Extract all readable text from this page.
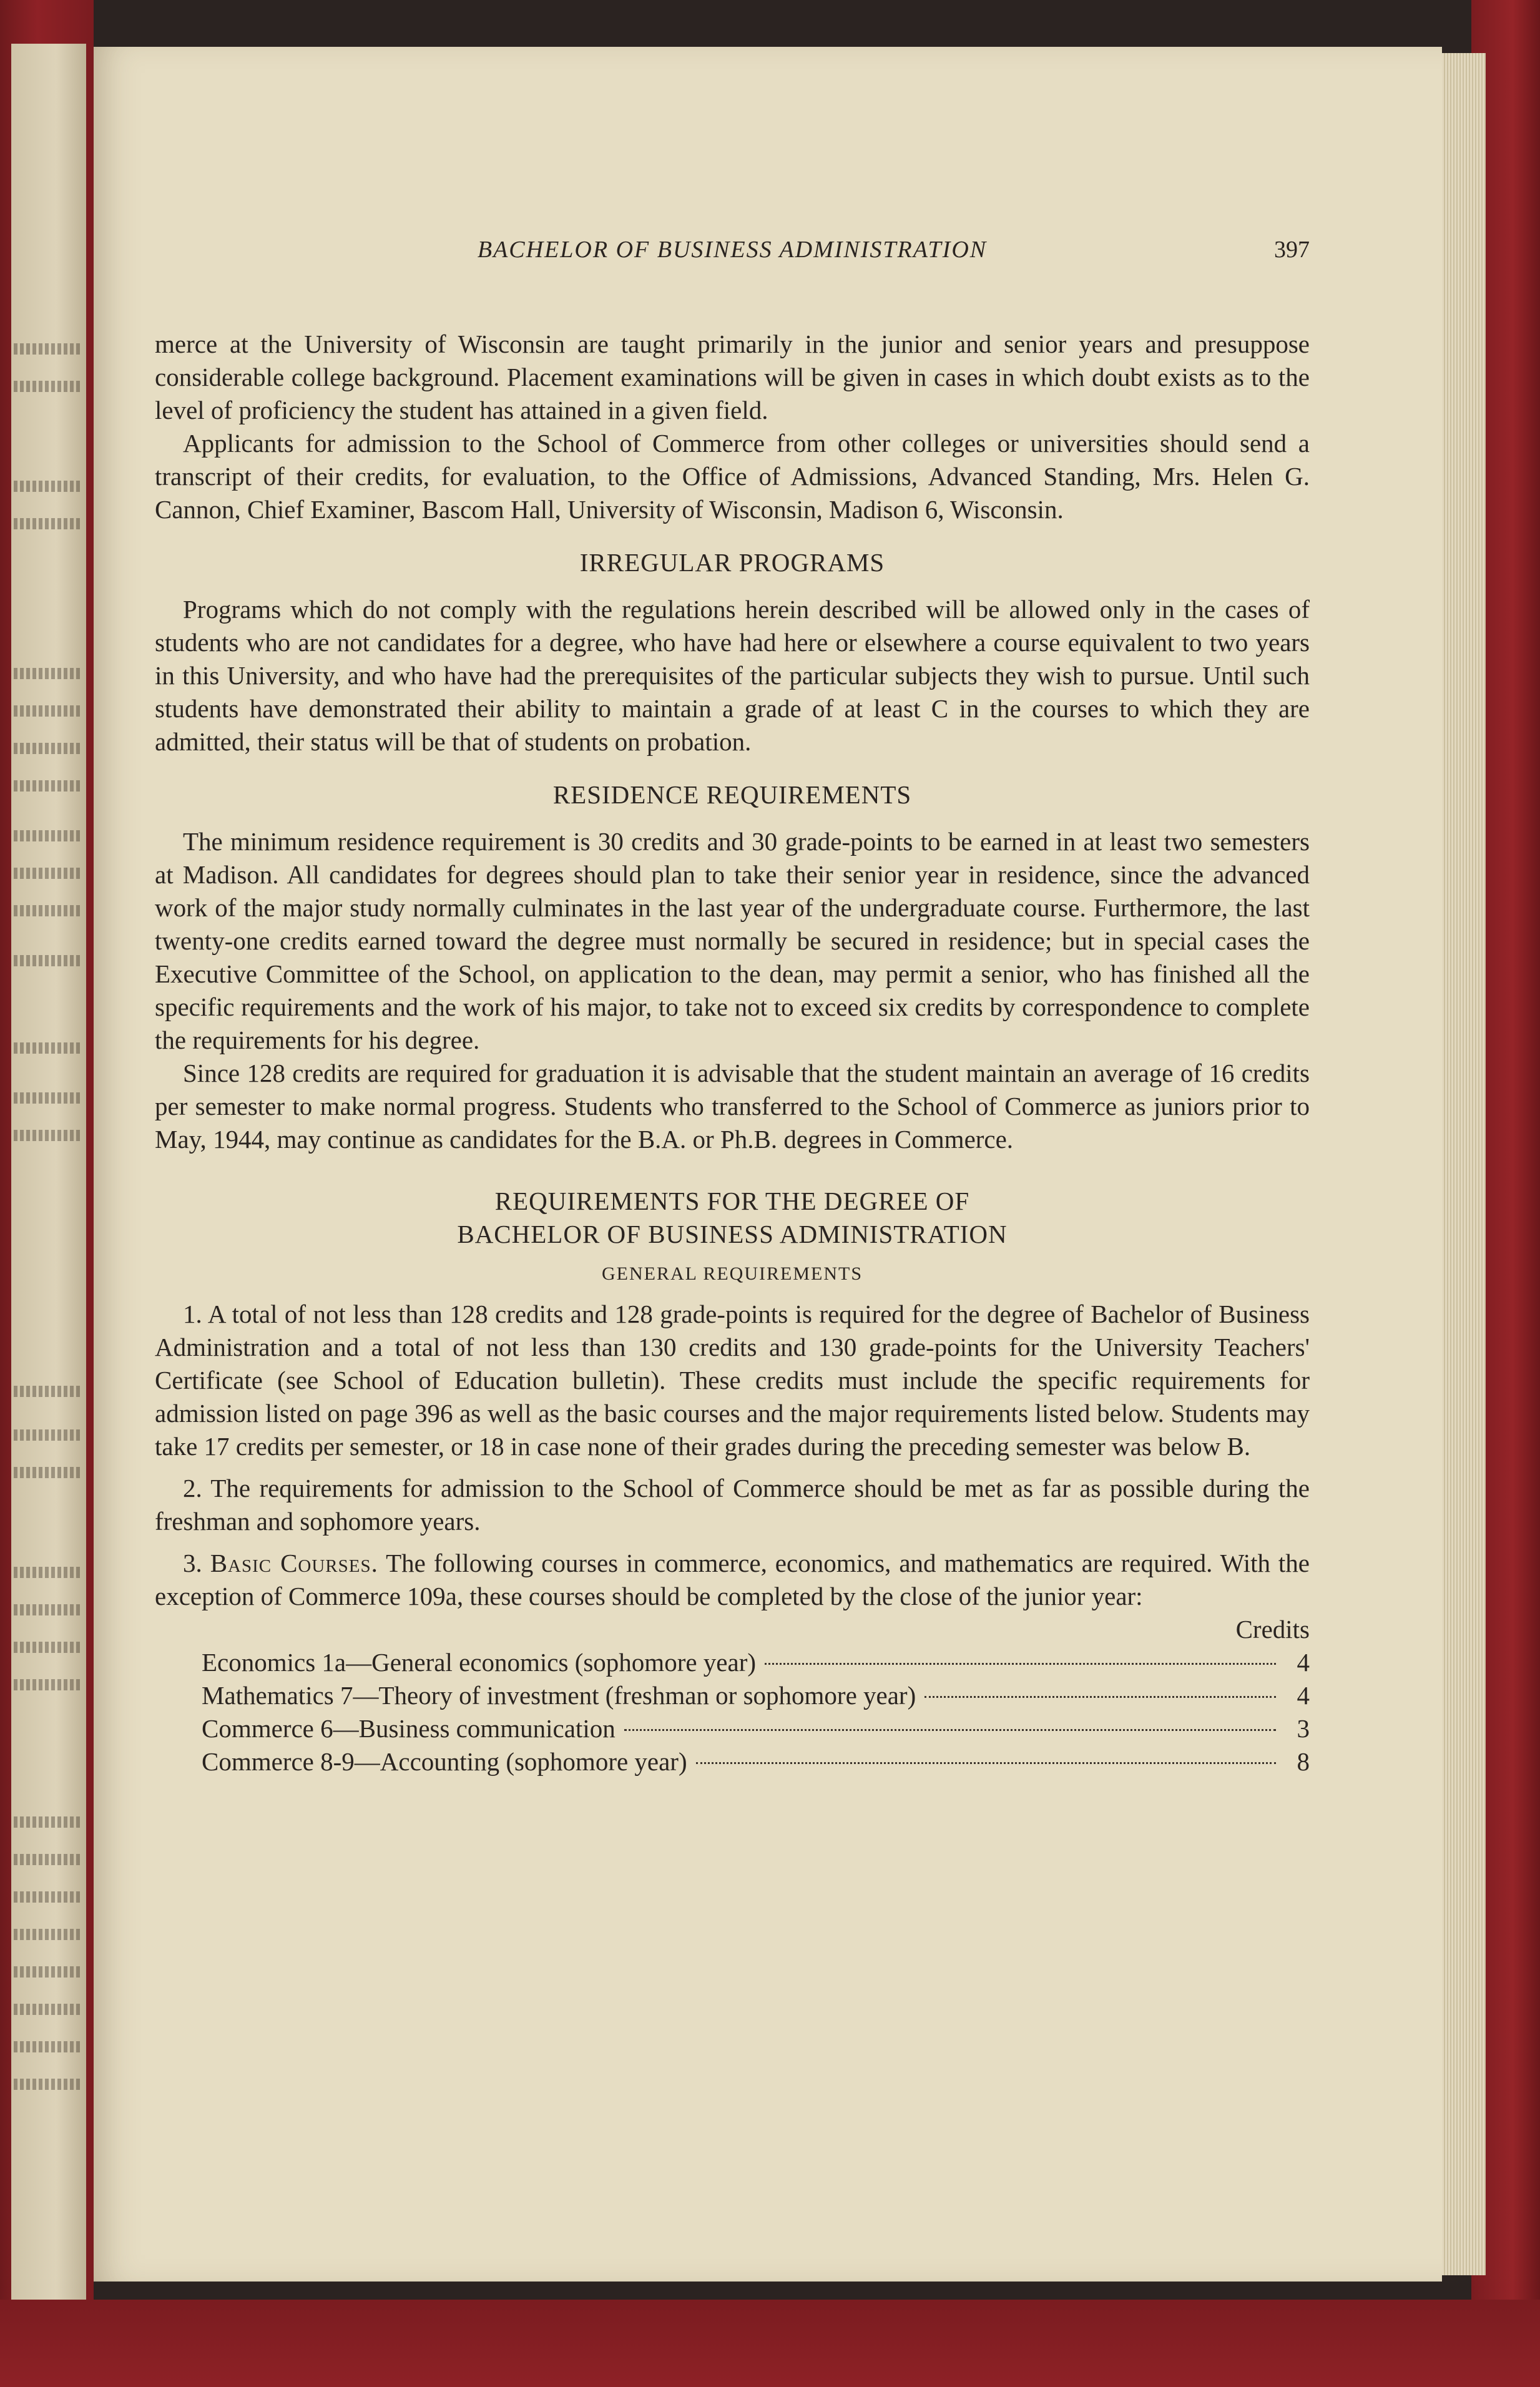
BACHELOR OF BUSINESS ADMINISTRATION	397

merce at the University of Wisconsin are taught primarily in the junior and senior years and presuppose considerable college background. Placement examinations will be given in cases in which doubt exists as to the level of proficiency the student has attained in a given field.

Applicants for admission to the School of Commerce from other colleges or universities should send a transcript of their credits, for evaluation, to the Office of Admissions, Advanced Standing, Mrs. Helen G. Cannon, Chief Examiner, Bascom Hall, University of Wisconsin, Madison 6, Wisconsin.

IRREGULAR PROGRAMS

Programs which do not comply with the regulations herein described will be allowed only in the cases of students who are not candidates for a degree, who have had here or elsewhere a course equivalent to two years in this University, and who have had the prerequisites of the particular subjects they wish to pursue. Until such students have demonstrated their ability to maintain a grade of at least C in the courses to which they are admitted, their status will be that of students on probation.

RESIDENCE REQUIREMENTS

The minimum residence requirement is 30 credits and 30 grade-points to be earned in at least two semesters at Madison. All candidates for degrees should plan to take their senior year in residence, since the advanced work of the major study normally culminates in the last year of the undergraduate course. Furthermore, the last twenty-one credits earned toward the degree must normally be secured in residence; but in special cases the Executive Committee of the School, on application to the dean, may permit a senior, who has finished all the specific requirements and the work of his major, to take not to exceed six credits by correspondence to complete the requirements for his degree.

Since 128 credits are required for graduation it is advisable that the student maintain an average of 16 credits per semester to make normal progress. Students who transferred to the School of Commerce as juniors prior to May, 1944, may continue as candidates for the B.A. or Ph.B. degrees in Commerce.

REQUIREMENTS FOR THE DEGREE OF
BACHELOR OF BUSINESS ADMINISTRATION
GENERAL REQUIREMENTS

1. A total of not less than 128 credits and 128 grade-points is required for the degree of Bachelor of Business Administration and a total of not less than 130 credits and 130 grade-points for the University Teachers' Certificate (see School of Education bulletin). These credits must include the specific requirements for admission listed on page 396 as well as the basic courses and the major requirements listed below. Students may take 17 credits per semester, or 18 in case none of their grades during the preceding semester was below B.

2. The requirements for admission to the School of Commerce should be met as far as possible during the freshman and sophomore years.

3. Basic Courses. The following courses in commerce, economics, and mathematics are required. With the exception of Commerce 109a, these courses should be completed by the close of the junior year:

Credits
Economics 1a—General economics (sophomore year)	4
Mathematics 7—Theory of investment (freshman or sophomore year)	4
Commerce 6—Business communication	3
Commerce 8-9—Accounting (sophomore year)	8
